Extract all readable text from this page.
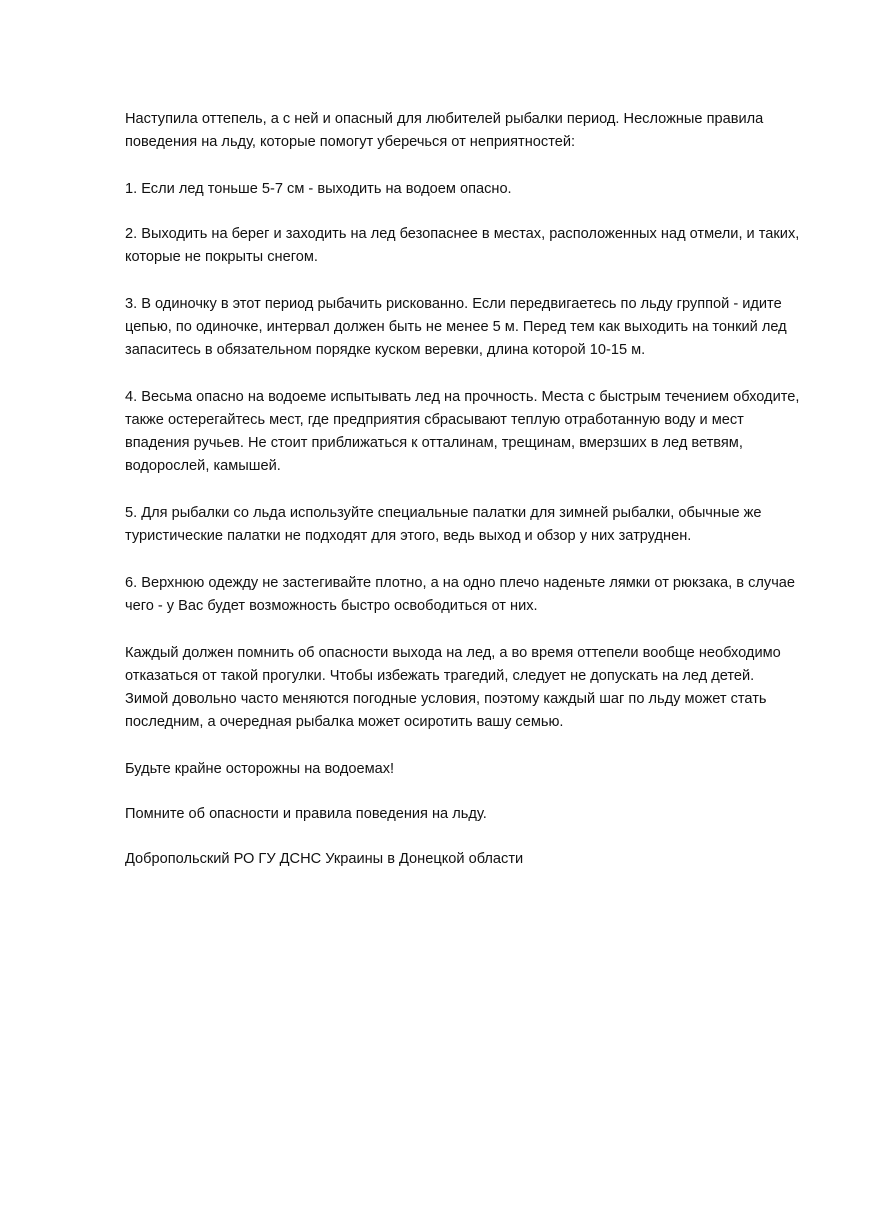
Наступила оттепель, а с ней и опасный для любителей рыбалки период. Несложные правила поведения на льду, которые помогут уберечься от неприятностей:

1. Если лед тоньше 5-7 см - выходить на водоем опасно.

2. Выходить на берег и заходить на лед безопаснее в местах, расположенных над отмели, и таких, которые не покрыты снегом.

3. В одиночку в этот период рыбачить рискованно. Если передвигаетесь по льду группой - идите цепью, по одиночке, интервал должен быть не менее 5 м. Перед тем как выходить на тонкий лед запаситесь в обязательном порядке куском веревки, длина которой 10-15 м.

4. Весьма опасно на водоеме испытывать лед на прочность. Места с быстрым течением обходите, также остерегайтесь мест, где предприятия сбрасывают теплую отработанную воду и мест впадения ручьев. Не стоит приближаться к отталинам, трещинам, вмерзших в лед ветвям, водорослей, камышей.

5. Для рыбалки со льда используйте специальные палатки для зимней рыбалки, обычные же туристические палатки не подходят для этого, ведь выход и обзор у них затруднен.

6. Верхнюю одежду не застегивайте плотно, а на одно плечо наденьте лямки от рюкзака, в случае чего - у Вас будет возможность быстро освободиться от них.

Каждый должен помнить об опасности выхода на лед, а во время оттепели вообще необходимо отказаться от такой прогулки. Чтобы избежать трагедий, следует не допускать на лед детей. Зимой довольно часто меняются погодные условия, поэтому каждый шаг по льду может стать последним, а очередная рыбалка может осиротить вашу семью.

Будьте крайне осторожны на водоемах!

Помните об опасности и правила поведения на льду.

Добропольский РО ГУ ДСНС Украины в Донецкой области
